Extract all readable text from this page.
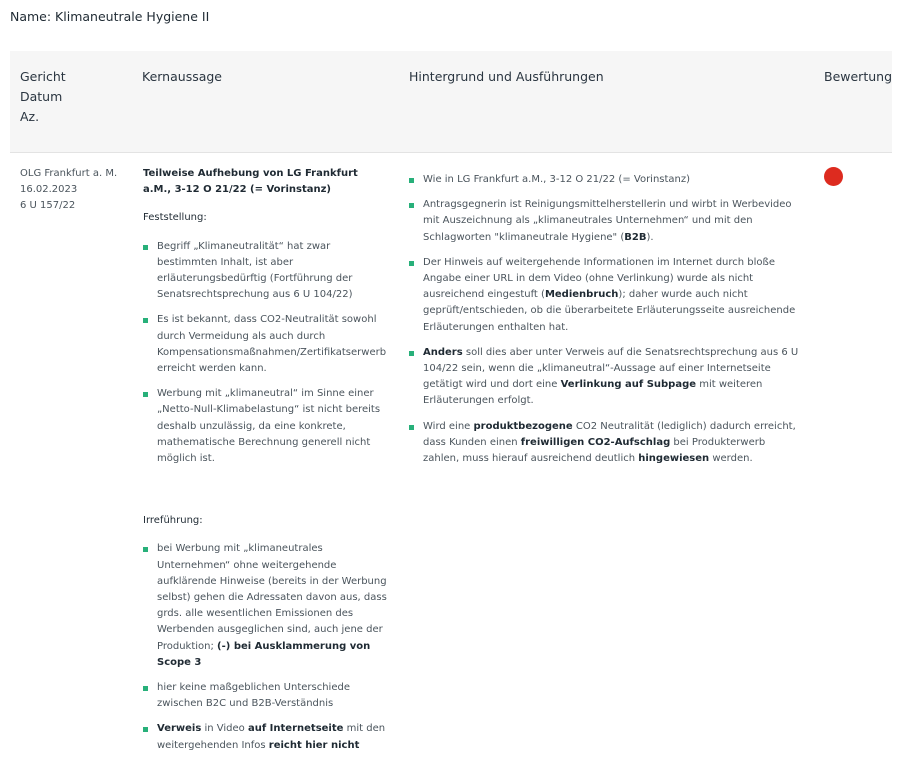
Name: Klimaneutrale Hygiene II
Gericht
Datum
Az.
Kernaussage	Hintergrund und Ausführungen	Bewertung
OLG Frankfurt a. M.
16.02.2023
6 U 157/22
Teilweise Aufhebung von LG Frankfurt a.M., 3-12 O 21/22 (= Vorinstanz)
Feststellung:
Begriff „Klimaneutralität“ hat zwar bestimmten Inhalt, ist aber erläuterungsbedürftig (Fortführung der Senatsrechtsprechung aus 6 U 104/22)
Es ist bekannt, dass CO2-Neutralität sowohl durch Vermeidung als auch durch Kompensationsmaßnahmen/Zertifikatserwerb erreicht werden kann.
Werbung mit „klimaneutral“ im Sinne einer „Netto-Null-Klimabelastung“ ist nicht bereits deshalb unzulässig, da eine konkrete, mathematische Berechnung generell nicht möglich ist.
Irreführung:
bei Werbung mit „klimaneutrales Unternehmen“ ohne weitergehende aufklärende Hinweise (bereits in der Werbung selbst) gehen die Adressaten davon aus, dass grds. alle wesentlichen Emissionen des Werbenden ausgeglichen sind, auch jene der Produktion; (-) bei Ausklammerung von Scope 3
hier keine maßgeblichen Unterschiede zwischen B2C und B2B-Verständnis
Verweis in Video auf Internetseite mit den weitergehenden Infos reicht hier nicht
Wie in LG Frankfurt a.M., 3-12 O 21/22 (= Vorinstanz)
Antragsgegnerin ist Reinigungsmittelherstellerin und wirbt in Werbevideo mit Auszeichnung als „klimaneutrales Unternehmen“ und mit den Schlagworten "klimaneutrale Hygiene" (B2B).
Der Hinweis auf weitergehende Informationen im Internet durch bloße Angabe einer URL in dem Video (ohne Verlinkung) wurde als nicht ausreichend eingestuft (Medienbruch); daher wurde auch nicht geprüft/entschieden, ob die überarbeitete Erläuterungsseite ausreichende Erläuterungen enthalten hat.
Anders soll dies aber unter Verweis auf die Senatsrechtsprechung aus 6 U 104/22 sein, wenn die „klimaneutral“-Aussage auf einer Internetseite getätigt wird und dort eine Verlinkung auf Subpage mit weiteren Erläuterungen erfolgt.
Wird eine produktbezogene CO2 Neutralität (lediglich) dadurch erreicht, dass Kunden einen freiwilligen CO2-Aufschlag bei Produkterwerb zahlen, muss hierauf ausreichend deutlich hingewiesen werden.
